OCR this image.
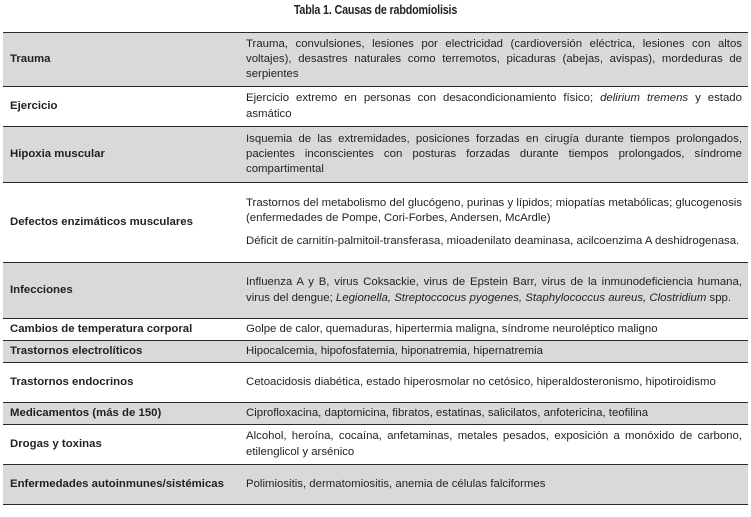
Tabla 1. Causas de rabdomiolisis
Trauma	Trauma, convulsiones, lesiones por electricidad (cardioversión eléctrica, lesiones con altos voltajes), desastres naturales como terremotos, picaduras (abejas, avispas), mordeduras de serpientes
Ejercicio	Ejercicio extremo en personas con desacondicionamiento físico; delirium tremens y estado asmático
Hipoxia muscular	Isquemia de las extremidades, posiciones forzadas en cirugía durante tiempos prolongados, pacientes inconscientes con posturas forzadas durante tiempos prolongados, síndrome compartimental
Defectos enzimáticos musculares	Trastornos del metabolismo del glucógeno, purinas y lípidos; miopatías metabólicas; glucogenosis (enfermedades de Pompe, Cori-Forbes, Andersen, McArdle)
Déficit de carnitín-palmitoil-transferasa, mioadenilato deaminasa, acilcoenzima A deshidrogenasa.

Infecciones	Influenza A y B, virus Coksackie, virus de Epstein Barr, virus de la inmunodeficiencia humana, virus del dengue; Legionella, Streptoccocus pyogenes, Staphylococcus aureus, Clostridium spp.
Cambios de temperatura corporal	Golpe de calor, quemaduras, hipertermia maligna, síndrome neuroléptico maligno
Trastornos electrolíticos	Hipocalcemia, hipofosfatemia, hiponatremia, hipernatremia
Trastornos endocrinos	Cetoacidosis diabética, estado hiperosmolar no cetósico, hiperaldosteronismo, hipotiroidismo
Medicamentos (más de 150)	Ciprofloxacina, daptomicina, fibratos, estatinas, salicilatos, anfotericina, teofilina
Drogas y toxinas	Alcohol, heroína, cocaína, anfetaminas, metales pesados, exposición a monóxido de carbono, etilenglicol y arsénico
Enfermedades autoinmunes/sistémicas	Polimiositis, dermatomiositis, anemia de células falciformes
